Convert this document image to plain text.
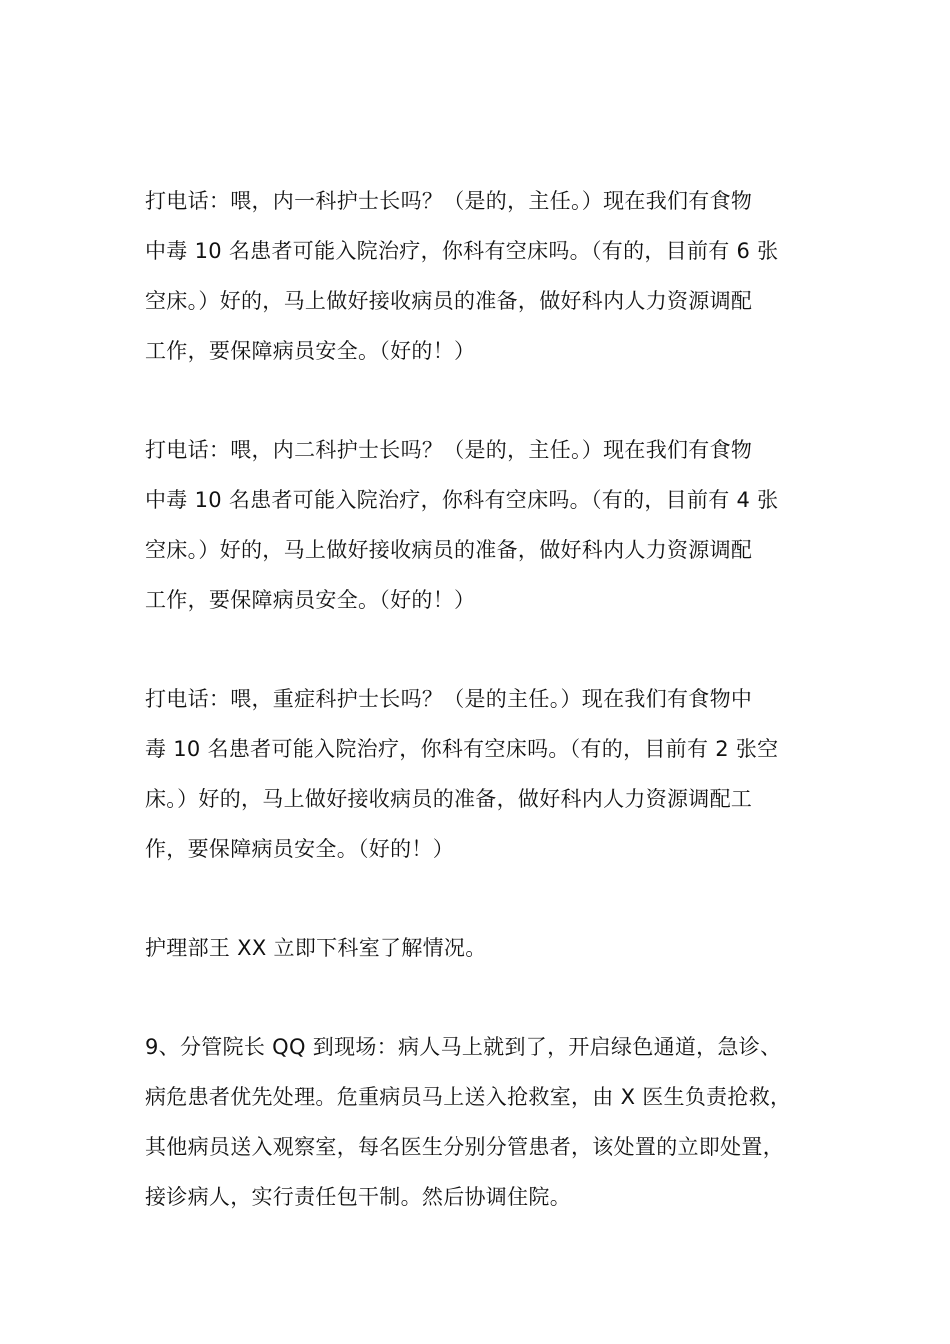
打电话：喂，内一科护士长吗？（是的，主任。）现在我们有食物
中毒 10 名患者可能入院治疗，你科有空床吗。（有的，目前有 6 张
空床。）好的，马上做好接收病员的准备，做好科内人力资源调配
工作，要保障病员安全。（好的！）
打电话：喂，内二科护士长吗？（是的，主任。）现在我们有食物
中毒 10 名患者可能入院治疗，你科有空床吗。（有的，目前有 4 张
空床。）好的，马上做好接收病员的准备，做好科内人力资源调配
工作，要保障病员安全。（好的！）
打电话：喂，重症科护士长吗？（是的主任。）现在我们有食物中
毒 10 名患者可能入院治疗，你科有空床吗。（有的，目前有 2 张空
床。）好的，马上做好接收病员的准备，做好科内人力资源调配工
作，要保障病员安全。（好的！）
护理部王 XX 立即下科室了解情况。
9、分管院长 QQ 到现场：病人马上就到了，开启绿色通道，急诊、
病危患者优先处理。危重病员马上送入抢救室，由 X 医生负责抢救，
其他病员送入观察室，每名医生分别分管患者，该处置的立即处置，
接诊病人，实行责任包干制。然后协调住院。
